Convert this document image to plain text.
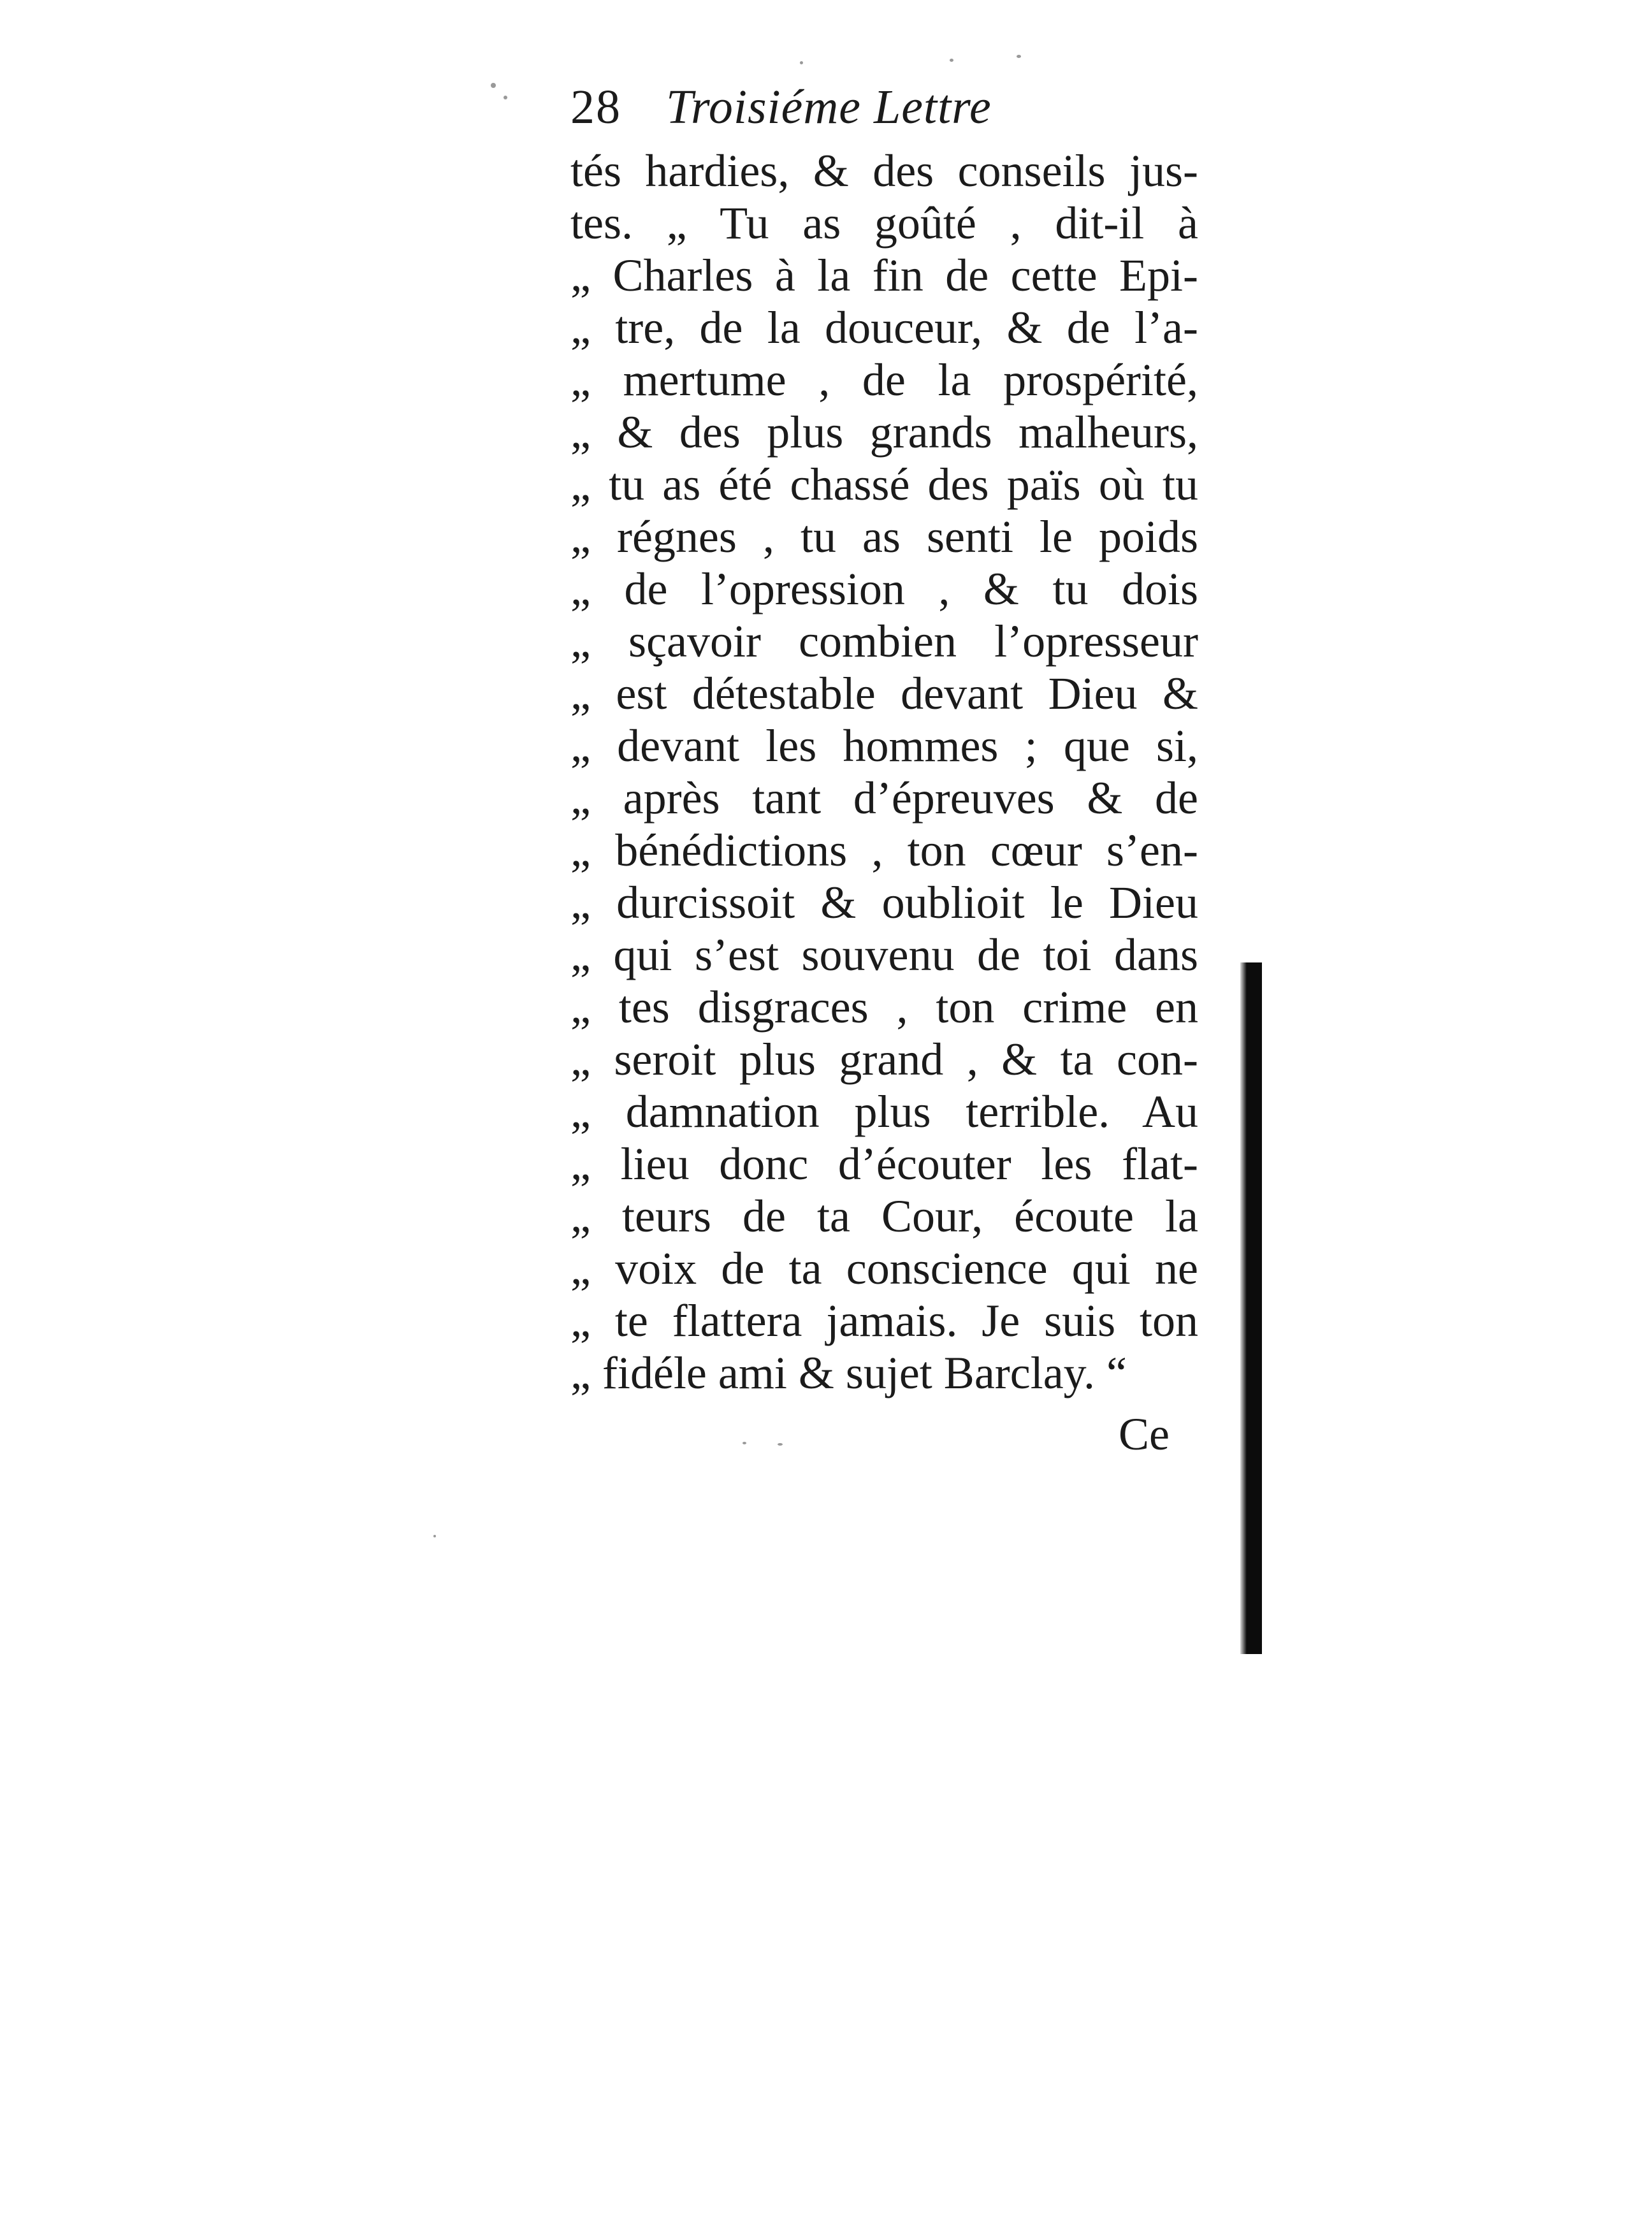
28 Troisiéme Lettre
tés hardies, & des conseils jus-
tes. „ Tu as goûté , dit-il à
„ Charles à la fin de cette Epi-
„ tre, de la douceur, & de l’a-
„ mertume , de la prospérité,
„ & des plus grands malheurs,
„ tu as été chassé des païs où tu
„ régnes , tu as senti le poids
„ de l’opression , & tu dois
„ sçavoir combien l’opresseur
„ est détestable devant Dieu &
„ devant les hommes ; que si,
„ après tant d’épreuves & de
„ bénédictions , ton cœur s’en-
„ durcissoit & oublioit le Dieu
„ qui s’est souvenu de toi dans
„ tes disgraces , ton crime en
„ seroit plus grand , & ta con-
„ damnation plus terrible. Au
„ lieu donc d’écouter les flat-
„ teurs de ta Cour, écoute la
„ voix de ta conscience qui ne
„ te flattera jamais. Je suis ton
„ fidéle ami & sujet Barclay. “
Ce
